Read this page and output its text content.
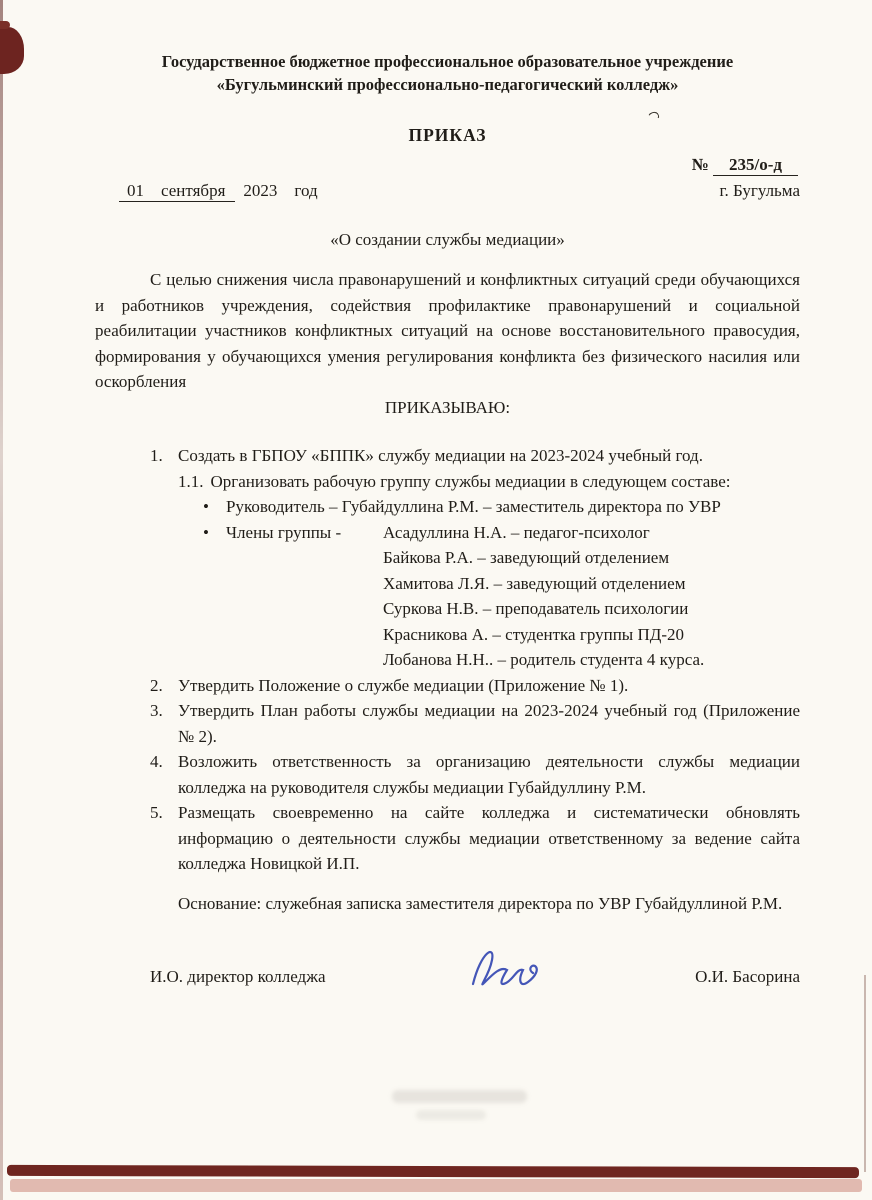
Государственное бюджетное профессиональное образовательное учреждение
«Бугульминский профессионально-педагогический колледж»
ПРИКАЗ
№ 235/о-д
01    сентября 2023    год	г. Бугульма
«О создании службы медиации»
С целью снижения числа правонарушений и конфликтных ситуаций среди обучающихся и работников учреждения, содействия профилактике правонарушений и социальной реабилитации участников конфликтных ситуаций на основе восстановительного правосудия, формирования у обучающихся умения регулирования конфликта без физического насилия или оскорбления
ПРИКАЗЫВАЮ:
1. Создать в ГБПОУ «БППК» службу медиации на 2023-2024 учебный год.
1.1. Организовать рабочую группу службы медиации в следующем составе:
•	Руководитель – Губайдуллина Р.М. – заместитель директора по УВР
•	Члены группы -	Асадуллина Н.А. – педагог-психолог
Байкова Р.А. – заведующий отделением
Хамитова Л.Я. – заведующий отделением
Суркова Н.В. – преподаватель психологии
Красникова А. – студентка группы ПД-20
Лобанова Н.Н.. – родитель студента 4 курса.
2. Утвердить Положение о службе медиации (Приложение № 1).
3. Утвердить План работы службы медиации на 2023-2024 учебный год (Приложение № 2).
4. Возложить ответственность за организацию деятельности службы медиации колледжа на руководителя службы медиации Губайдуллину Р.М.
5. Размещать своевременно на сайте колледжа и систематически обновлять информацию о деятельности службы медиации ответственному за ведение сайта колледжа Новицкой И.П.
Основание: служебная записка заместителя директора по УВР Губайдуллиной Р.М.
И.О. директор колледжа	О.И. Басорина
